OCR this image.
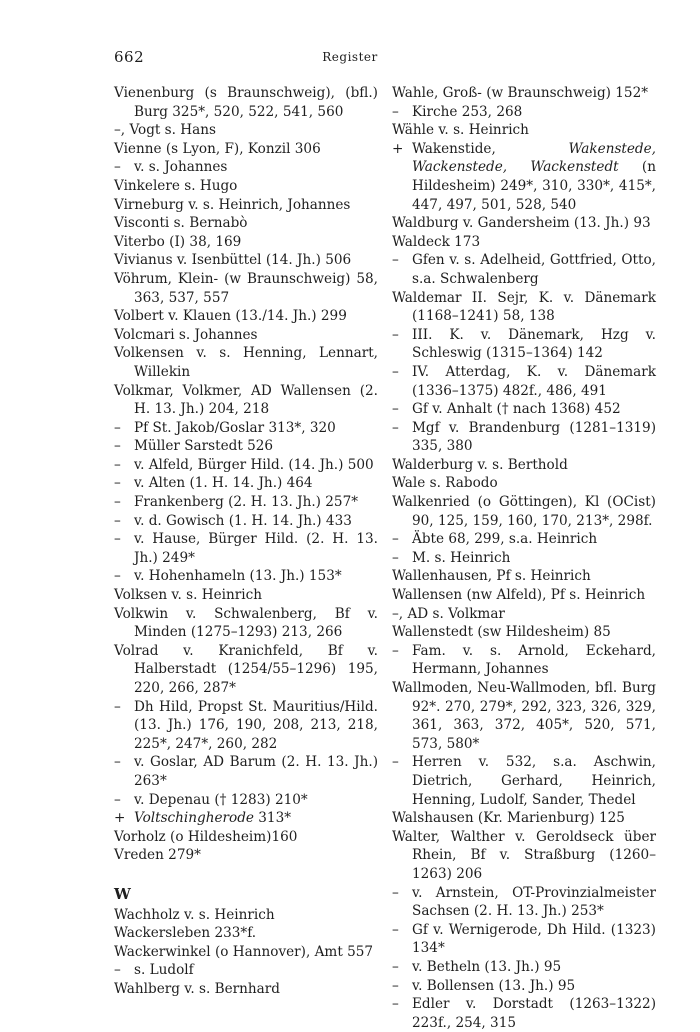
662	Register
Vienenburg (s Braunschweig), (bfl.) Burg 325*, 520, 522, 541, 560
–, Vogt s. Hans
Vienne (s Lyon, F), Konzil 306
– v. s. Johannes
Vinkelere s. Hugo
Virneburg v. s. Heinrich, Johannes
Visconti s. Bernabò
Viterbo (I) 38, 169
Vivianus v. Isenbüttel (14. Jh.) 506
Vöhrum, Klein- (w Braunschweig) 58, 363, 537, 557
Volbert v. Klauen (13./14. Jh.) 299
Volcmari s. Johannes
Volkensen v. s. Henning, Lennart, Willekin
Volkmar, Volkmer, AD Wallensen (2. H. 13. Jh.) 204, 218
– Pf St. Jakob/Goslar 313*, 320
– Müller Sarstedt 526
– v. Alfeld, Bürger Hild. (14. Jh.) 500
– v. Alten (1. H. 14. Jh.) 464
– Frankenberg (2. H. 13. Jh.) 257*
– v. d. Gowisch (1. H. 14. Jh.) 433
– v. Hause, Bürger Hild. (2. H. 13. Jh.) 249*
– v. Hohenhameln (13. Jh.) 153*
Volksen v. s. Heinrich
Volkwin v. Schwalenberg, Bf v. Minden (1275–1293) 213, 266
Volrad v. Kranichfeld, Bf v. Halberstadt (1254/55–1296) 195, 220, 266, 287*
– Dh Hild, Propst St. Mauritius/Hild. (13. Jh.) 176, 190, 208, 213, 218, 225*, 247*, 260, 282
– v. Goslar, AD Barum (2. H. 13. Jh.) 263*
– v. Depenau († 1283) 210*
+ Voltschingherode 313*
Vorholz (o Hildesheim)160
Vreden 279*
W
Wachholz v. s. Heinrich
Wackersleben 233*f.
Wackerwinkel (o Hannover), Amt 557
– s. Ludolf
Wahlberg v. s. Bernhard
Wahle, Groß- (w Braunschweig) 152*
– Kirche 253, 268
Wähle v. s. Heinrich
+ Wakenstide, Wakenstede, Wackenstede, Wackenstedt (n Hildesheim) 249*, 310, 330*, 415*, 447, 497, 501, 528, 540
Waldburg v. Gandersheim (13. Jh.) 93
Waldeck 173
– Gfen v. s. Adelheid, Gottfried, Otto, s.a. Schwalenberg
Waldemar II. Sejr, K. v. Dänemark (1168–1241) 58, 138
– III. K. v. Dänemark, Hzg v. Schleswig (1315–1364) 142
– IV. Atterdag, K. v. Dänemark (1336–1375) 482f., 486, 491
– Gf v. Anhalt († nach 1368) 452
– Mgf v. Brandenburg (1281–1319) 335, 380
Walderburg v. s. Berthold
Wale s. Rabodo
Walkenried (o Göttingen), Kl (OCist) 90, 125, 159, 160, 170, 213*, 298f.
– Äbte 68, 299, s.a. Heinrich
– M. s. Heinrich
Wallenhausen, Pf s. Heinrich
Wallensen (nw Alfeld), Pf s. Heinrich
–, AD s. Volkmar
Wallenstedt (sw Hildesheim) 85
– Fam. v. s. Arnold, Eckehard, Hermann, Johannes
Wallmoden, Neu-Wallmoden, bfl. Burg 92*. 270, 279*, 292, 323, 326, 329, 361, 363, 372, 405*, 520, 571, 573, 580*
– Herren v. 532, s.a. Aschwin, Dietrich, Gerhard, Heinrich, Henning, Ludolf, Sander, Thedel
Walshausen (Kr. Marienburg) 125
Walter, Walther v. Geroldseck über Rhein, Bf v. Straßburg (1260–1263) 206
– v. Arnstein, OT-Provinzialmeister Sachsen (2. H. 13. Jh.) 253*
– Gf v. Wernigerode, Dh Hild. (1323) 134*
– v. Betheln (13. Jh.) 95
– v. Bollensen (13. Jh.) 95
– Edler v. Dorstadt (1263–1322) 223f., 254, 315
